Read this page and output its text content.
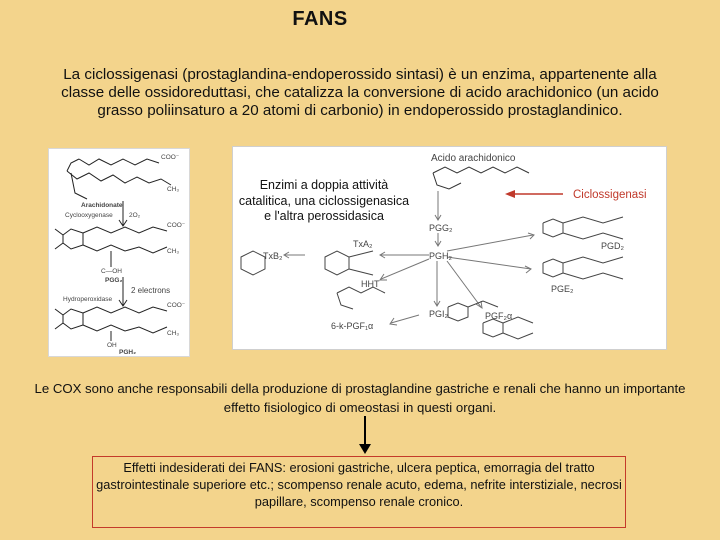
FANS
La ciclossigenasi (prostaglandina-endoperossido sintasi) è un enzima, appartenente alla classe delle ossidoreduttasi, che catalizza la conversione di acido arachidonico (un acido grasso poliinsaturo a 20 atomi di carbonio) in endoperossido prostaglandinico.
COO⁻
CH₃
Arachidonate
Cyclooxygenase	2O₂
COO⁻
CH₃
C—OH
PGG₂
2 electrons
Hydroperoxidase
COO⁻
CH₃
OH
PGH₂
Acido arachidonico
Ciclossigenasi
PGG₂
PGH₂
TxB₂
TxA₂	PGD₂
PGE₂
HHT
PGI₂	PGF₂α
6-k-PGF₁α
Enzimi a doppia attività catalitica, una ciclossigenasica e l'altra perossidasica
Le COX sono anche responsabili della produzione di prostaglandine gastriche e renali che hanno un importante effetto fisiologico di omeostasi in questi organi.
Effetti indesiderati dei FANS: erosioni gastriche, ulcera peptica, emorragia del tratto gastrointestinale superiore etc.; scompenso renale acuto, edema, nefrite interstiziale, necrosi papillare, scompenso renale cronico.
